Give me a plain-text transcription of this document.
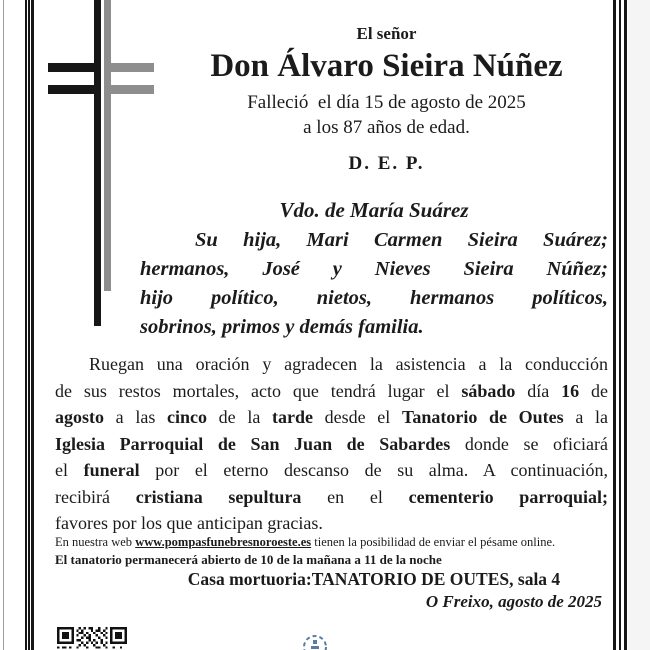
El señor
Don Álvaro Sieira Núñez
Falleció  el día 15 de agosto de 2025
a los 87 años de edad.
D. E. P.
Vdo. de María Suárez
Su hija, Mari Carmen Sieira Suárez;
hermanos, José y Nieves Sieira Núñez;
hijo político, nietos, hermanos políticos,
sobrinos, primos y demás familia.
Ruegan una oración y agradecen la asistencia a la conducción
de sus restos mortales, acto que tendrá lugar el sábado día 16 de
agosto a las cinco de la tarde desde el Tanatorio de Outes a la
Iglesia Parroquial de San Juan de Sabardes donde se oficiará
el funeral por el eterno descanso de su alma. A continuación,
recibirá cristiana sepultura en el cementerio parroquial;
favores por los que anticipan gracias.
En nuestra web www.pompasfunebresnoroeste.es tienen la posibilidad de enviar el pésame online.
El tanatorio permanecerá abierto de 10 de la mañana a 11 de la noche
Casa mortuoria:TANATORIO DE OUTES, sala 4
O Freixo, agosto de 2025
